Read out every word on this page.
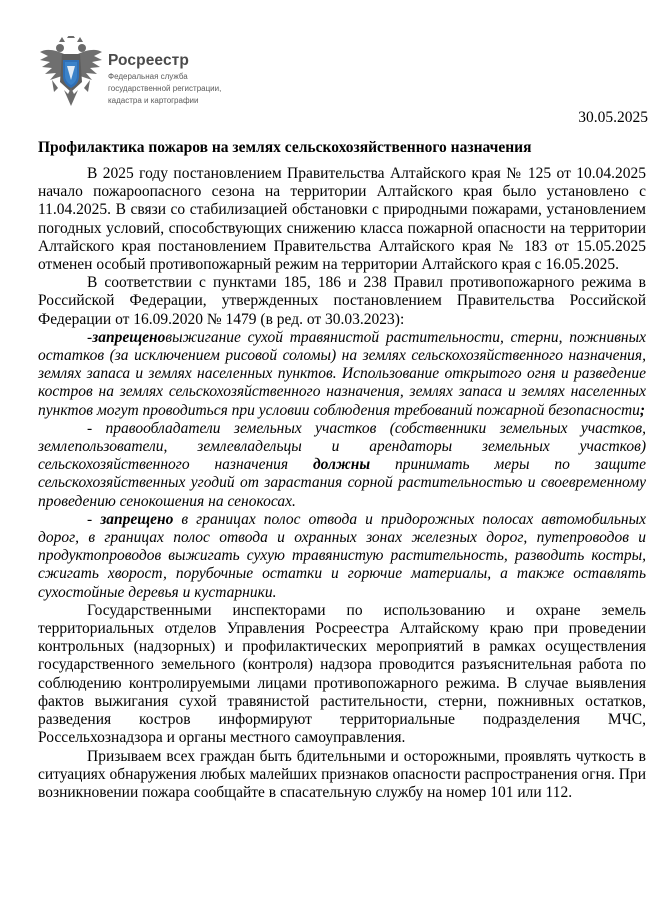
Росреестр
Федеральная служба
государственной регистрации,
кадастра и картографии
30.05.2025
Профилактика пожаров на землях сельскохозяйственного назначения

В 2025 году постановлением Правительства Алтайского края № 125 от 10.04.2025 начало пожароопасного сезона на территории Алтайского края было установлено с 11.04.2025. В связи со стабилизацией обстановки с природными пожарами, установлением погодных условий, способствующих снижению класса пожарной опасности на территории Алтайского края постановлением Правительства Алтайского края № 183 от 15.05.2025 отменен особый противопожарный режим на территории Алтайского края с 16.05.2025.

В соответствии с пунктами 185, 186 и 238 Правил противопожарного режима в Российской Федерации, утвержденных постановлением Правительства Российской Федерации от 16.09.2020 № 1479 (в ред. от 30.03.2023):

-запрещеновыжигание сухой травянистой растительности, стерни, пожнивных остатков (за исключением рисовой соломы) на землях сельскохозяйственного назначения, землях запаса и землях населенных пунктов. Использование открытого огня и разведение костров на землях сельскохозяйственного назначения, землях запаса и землях населенных пунктов могут проводиться при условии соблюдения требований пожарной безопасности;

- правообладатели земельных участков (собственники земельных участков, землепользователи, землевладельцы и арендаторы земельных участков) сельскохозяйственного назначения должны принимать меры по защите сельскохозяйственных угодий от зарастания сорной растительностью и своевременному проведению сенокошения на сенокосах.

- запрещено в границах полос отвода и придорожных полосах автомобильных дорог, в границах полос отвода и охранных зонах железных дорог, путепроводов и продуктопроводов выжигать сухую травянистую растительность, разводить костры, сжигать хворост, порубочные остатки и горючие материалы, а также оставлять сухостойные деревья и кустарники.

Государственными инспекторами по использованию и охране земель территориальных отделов Управления Росреестра Алтайскому краю при проведении контрольных (надзорных) и профилактических мероприятий в рамках осуществления государственного земельного (контроля) надзора проводится разъяснительная работа по соблюдению контролируемыми лицами противопожарного режима. В случае выявления фактов выжигания сухой травянистой растительности, стерни, пожнивных остатков, разведения костров информируют территориальные подразделения МЧС, Россельхознадзора и органы местного самоуправления.

Призываем всех граждан быть бдительными и осторожными, проявлять чуткость в ситуациях обнаружения любых малейших признаков опасности распространения огня. При возникновении пожара сообщайте в спасательную службу на номер 101 или 112.
